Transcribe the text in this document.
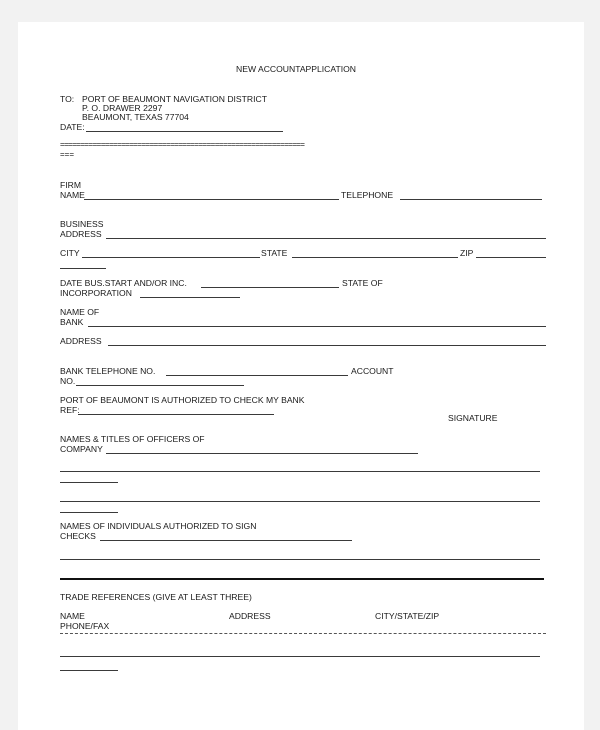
NEW ACCOUNTAPPLICATION
TO: PORT OF BEAUMONT NAVIGATION DISTRICT
P. O. DRAWER 2297
BEAUMONT, TEXAS 77704
DATE:
============================================================
===
FIRM
NAME	TELEPHONE
BUSINESS
ADDRESS
CITY	STATE	ZIP
DATE BUS.START AND/OR INC.	STATE OF
INCORPORATION
NAME OF
BANK
ADDRESS
BANK TELEPHONE NO.	ACCOUNT
NO.
PORT OF BEAUMONT IS AUTHORIZED TO CHECK MY BANK
REF:
SIGNATURE
NAMES & TITLES OF OFFICERS OF
COMPANY
NAMES OF INDIVIDUALS AUTHORIZED TO SIGN
CHECKS
TRADE REFERENCES (GIVE AT LEAST THREE)
NAME	ADDRESS	CITY/STATE/ZIP
PHONE/FAX
